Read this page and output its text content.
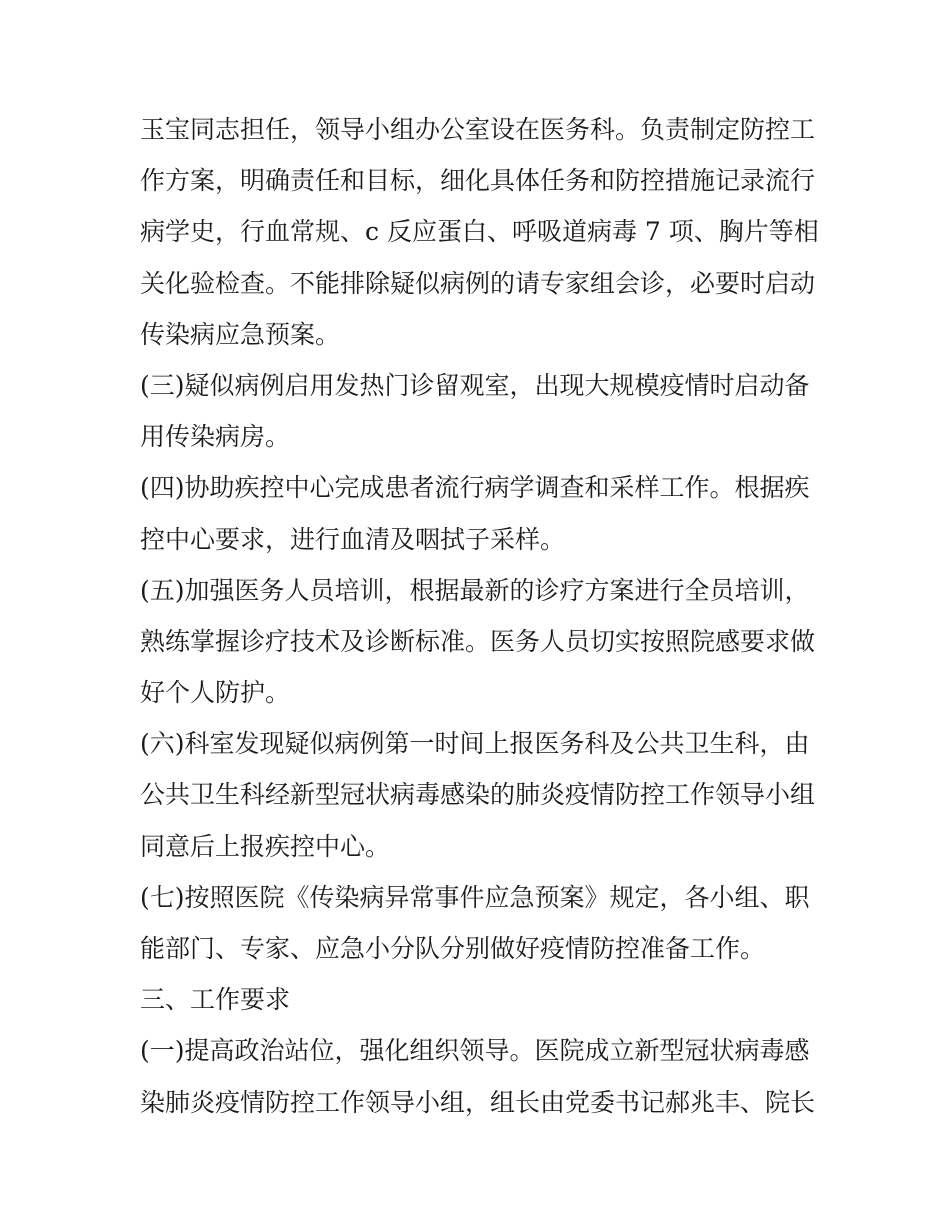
玉宝同志担任，领导小组办公室设在医务科。负责制定防控工
作方案，明确责任和目标，细化具体任务和防控措施记录流行
病学史，行血常规、c 反应蛋白、呼吸道病毒 7 项、胸片等相
关化验检查。不能排除疑似病例的请专家组会诊，必要时启动
传染病应急预案。
(三)疑似病例启用发热门诊留观室，出现大规模疫情时启动备
用传染病房。
(四)协助疾控中心完成患者流行病学调查和采样工作。根据疾
控中心要求，进行血清及咽拭子采样。
(五)加强医务人员培训，根据最新的诊疗方案进行全员培训，
熟练掌握诊疗技术及诊断标准。医务人员切实按照院感要求做
好个人防护。
(六)科室发现疑似病例第一时间上报医务科及公共卫生科，由
公共卫生科经新型冠状病毒感染的肺炎疫情防控工作领导小组
同意后上报疾控中心。
(七)按照医院《传染病异常事件应急预案》规定，各小组、职
能部门、专家、应急小分队分别做好疫情防控准备工作。
三、工作要求
(一)提高政治站位，强化组织领导。医院成立新型冠状病毒感
染肺炎疫情防控工作领导小组，组长由党委书记郝兆丰、院长
